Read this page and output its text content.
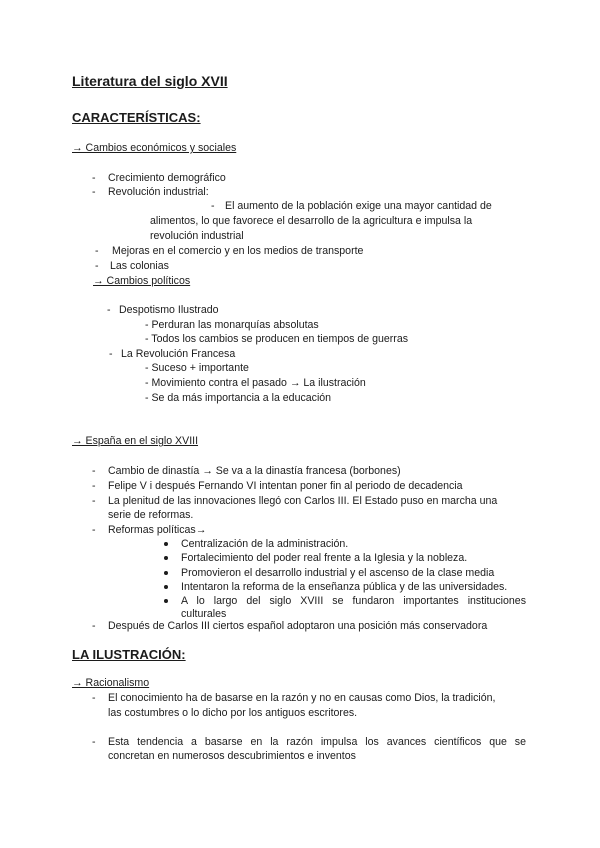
Literatura del siglo XVII
CARACTERÍSTICAS:
→ Cambios económicos y sociales
- Crecimiento demográfico
- Revolución industrial:
- El aumento de la población exige una mayor cantidad de
alimentos, lo que favorece el desarrollo de la agricultura e impulsa la
revolución industrial
- Mejoras en el comercio y en los medios de transporte
- Las colonias
→ Cambios políticos
- Despotismo Ilustrado
- Perduran las monarquías absolutas
- Todos los cambios se producen en tiempos de guerras
- La Revolución Francesa
- Suceso + importante
- Movimiento contra el pasado → La ilustración
- Se da más importancia a la educación
→ España en el siglo XVIII
- Cambio de dinastía → Se va a la dinastía francesa (borbones)
- Felipe V i después Fernando VI intentan poner fin al periodo de decadencia
- La plenitud de las innovaciones llegó con Carlos III. El Estado puso en marcha una
serie de reformas.
- Reformas políticas→
Centralización de la administración.
Fortalecimiento del poder real frente a la Iglesia y la nobleza.
Promovieron el desarrollo industrial y el ascenso de la clase media
Intentaron la reforma de la enseñanza pública y de las universidades.
A lo largo del siglo XVIII se fundaron importantes instituciones
culturales
- Después de Carlos III ciertos español adoptaron una posición más conservadora
LA ILUSTRACIÓN:
→ Racionalismo
- El conocimiento ha de basarse en la razón y no en causas como Dios, la tradición,
las costumbres o lo dicho por los antiguos escritores.
- Esta tendencia a basarse en la razón impulsa los avances científicos que se
concretan en numerosos descubrimientos e inventos
